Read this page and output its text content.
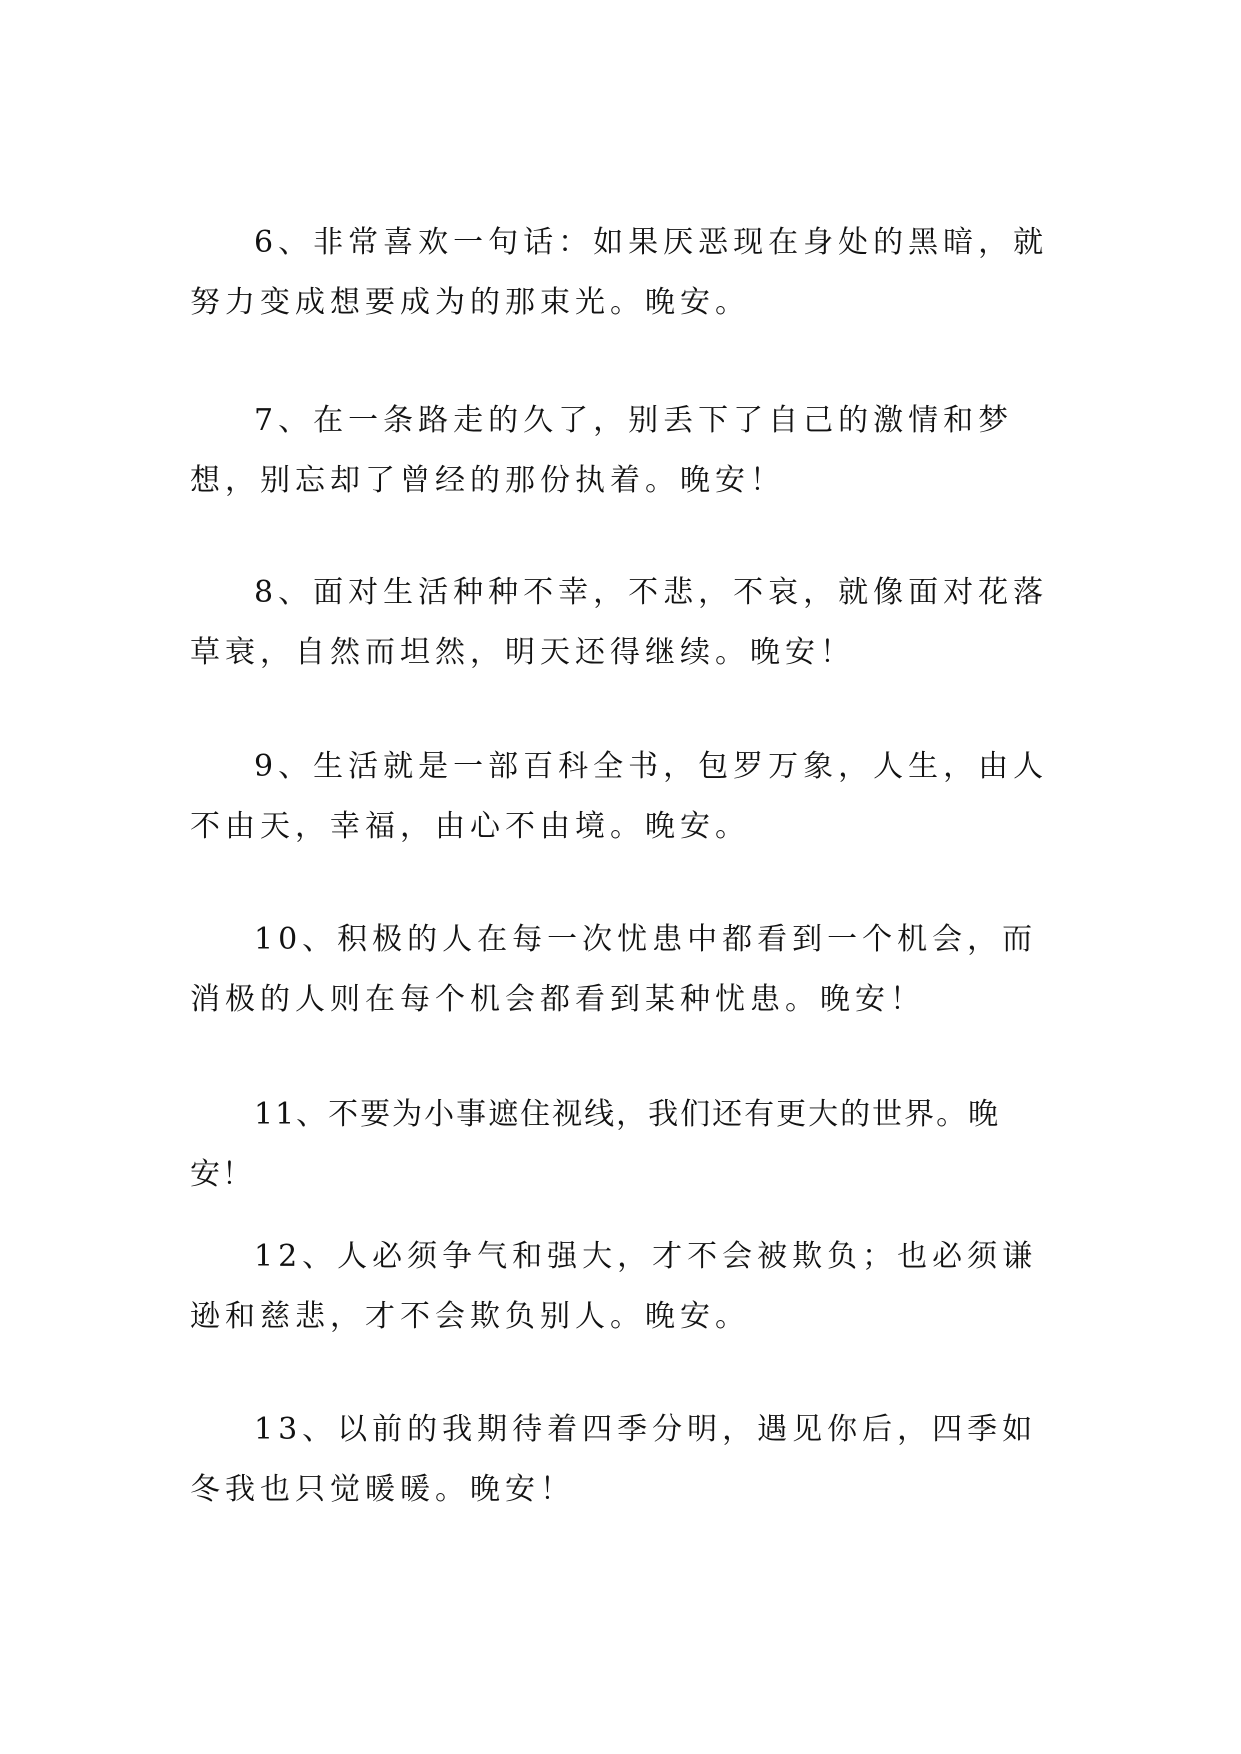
6、非常喜欢一句话：如果厌恶现在身处的黑暗，就努力变成想要成为的那束光。晚安。

7、在一条路走的久了，别丢下了自己的激情和梦想，别忘却了曾经的那份执着。晚安！

8、面对生活种种不幸，不悲，不哀，就像面对花落草衰，自然而坦然，明天还得继续。晚安！

9、生活就是一部百科全书，包罗万象，人生，由人不由天，幸福，由心不由境。晚安。

10、积极的人在每一次忧患中都看到一个机会，而消极的人则在每个机会都看到某种忧患。晚安！

11、不要为小事遮住视线，我们还有更大的世界。晚安！

12、人必须争气和强大，才不会被欺负；也必须谦逊和慈悲，才不会欺负别人。晚安。

13、以前的我期待着四季分明，遇见你后，四季如冬我也只觉暖暖。晚安！
